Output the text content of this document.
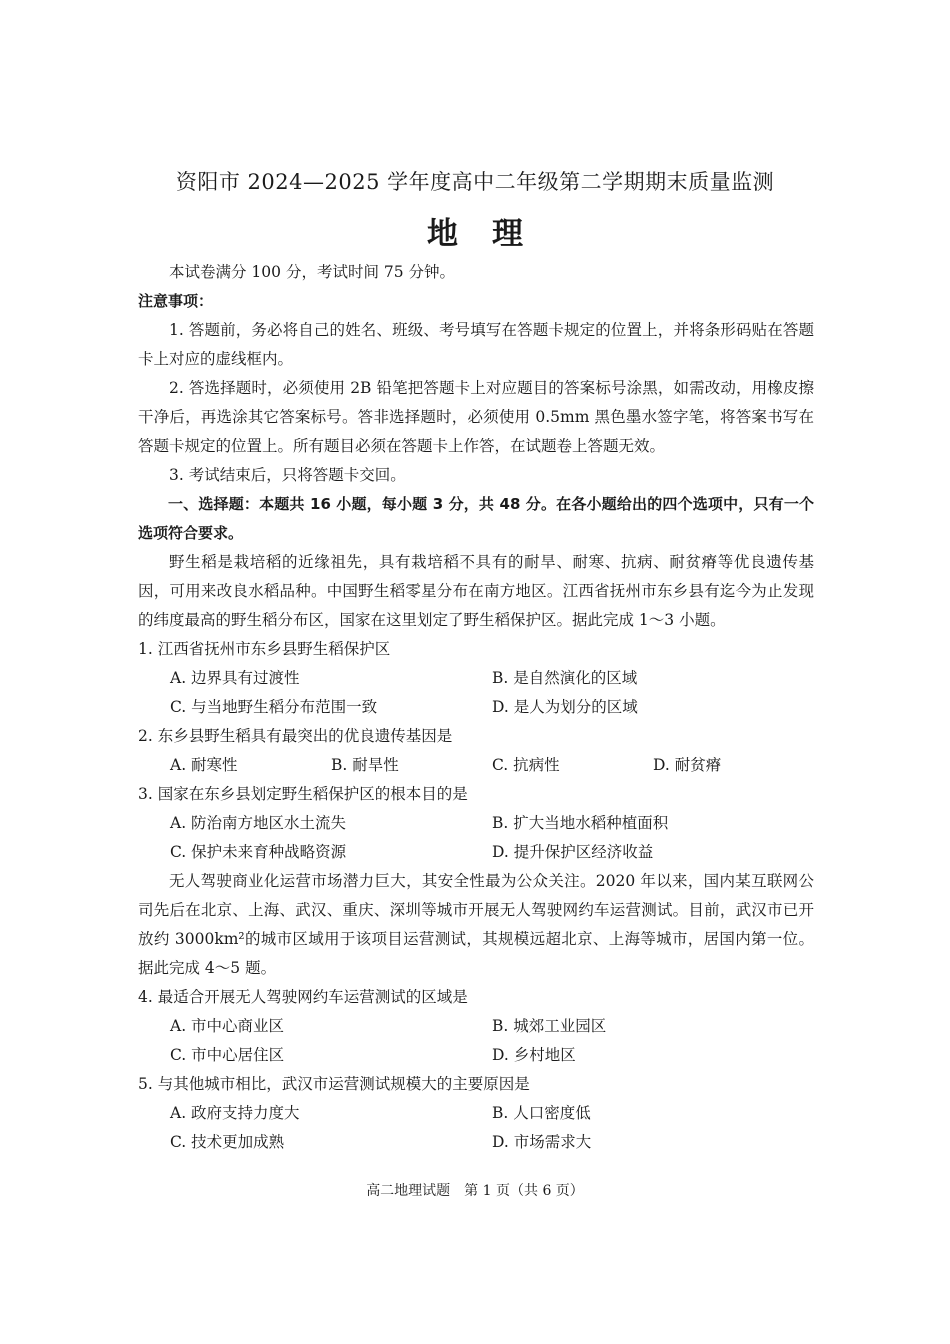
资阳市 2024—2025 学年度高中二年级第二学期期末质量监测
地理
本试卷满分 100 分，考试时间 75 分钟。
注意事项：
1. 答题前，务必将自己的姓名、班级、考号填写在答题卡规定的位置上，并将条形码贴在答题卡上对应的虚线框内。
2. 答选择题时，必须使用 2B 铅笔把答题卡上对应题目的答案标号涂黑，如需改动，用橡皮擦干净后，再选涂其它答案标号。答非选择题时，必须使用 0.5mm 黑色墨水签字笔，将答案书写在答题卡规定的位置上。所有题目必须在答题卡上作答，在试题卷上答题无效。
3. 考试结束后，只将答题卡交回。
一、选择题：本题共 16 小题，每小题 3 分，共 48 分。在各小题给出的四个选项中，只有一个选项符合要求。
野生稻是栽培稻的近缘祖先，具有栽培稻不具有的耐旱、耐寒、抗病、耐贫瘠等优良遗传基因，可用来改良水稻品种。中国野生稻零星分布在南方地区。江西省抚州市东乡县有迄今为止发现的纬度最高的野生稻分布区，国家在这里划定了野生稻保护区。据此完成 1～3 小题。
1. 江西省抚州市东乡县野生稻保护区
A. 边界具有过渡性	B. 是自然演化的区域
C. 与当地野生稻分布范围一致	D. 是人为划分的区域
2. 东乡县野生稻具有最突出的优良遗传基因是
A. 耐寒性	B. 耐旱性	C. 抗病性	D. 耐贫瘠
3. 国家在东乡县划定野生稻保护区的根本目的是
A. 防治南方地区水土流失	B. 扩大当地水稻种植面积
C. 保护未来育种战略资源	D. 提升保护区经济收益
无人驾驶商业化运营市场潜力巨大，其安全性最为公众关注。2020 年以来，国内某互联网公司先后在北京、上海、武汉、重庆、深圳等城市开展无人驾驶网约车运营测试。目前，武汉市已开放约 3000km²的城市区域用于该项目运营测试，其规模远超北京、上海等城市，居国内第一位。据此完成 4～5 题。
4. 最适合开展无人驾驶网约车运营测试的区域是
A. 市中心商业区	B. 城郊工业园区
C. 市中心居住区	D. 乡村地区
5. 与其他城市相比，武汉市运营测试规模大的主要原因是
A. 政府支持力度大	B. 人口密度低
C. 技术更加成熟	D. 市场需求大
高二地理试题　第 1 页（共 6 页）
